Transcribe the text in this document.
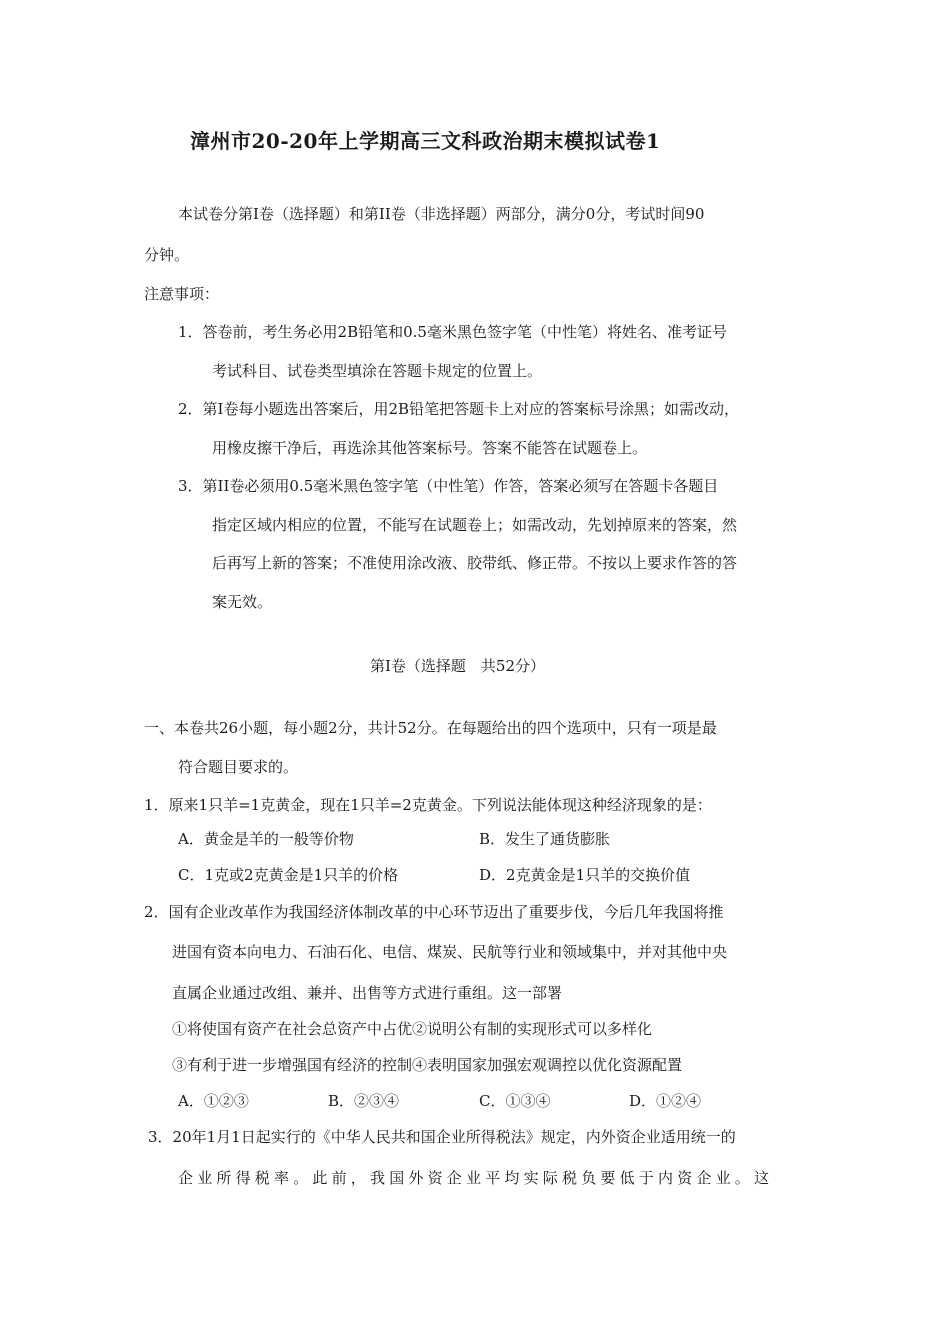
漳州市20-20年上学期高三文科政治期末模拟试卷1
本试卷分第Ⅰ卷（选择题）和第II卷（非选择题）两部分，满分0分，考试时间90
分钟。
注意事项：
1．答卷前，考生务必用2B铅笔和0.5毫米黑色签字笔（中性笔）将姓名、准考证号
考试科目、试卷类型填涂在答题卡规定的位置上。
2．第Ⅰ卷每小题选出答案后，用2B铅笔把答题卡上对应的答案标号涂黑；如需改动，
用橡皮擦干净后，再选涂其他答案标号。答案不能答在试题卷上。
3．第II卷必须用0.5毫米黑色签字笔（中性笔）作答，答案必须写在答题卡各题目
指定区域内相应的位置，不能写在试题卷上；如需改动，先划掉原来的答案，然
后再写上新的答案；不准使用涂改液、胶带纸、修正带。不按以上要求作答的答
案无效。
第Ⅰ卷（选择题　共52分）
一、本卷共26小题，每小题2分，共计52分。在每题给出的四个选项中，只有一项是最
符合题目要求的。
1．原来1只羊=1克黄金，现在1只羊=2克黄金。下列说法能体现这种经济现象的是：
A．黄金是羊的一般等价物	B．发生了通货膨胀
C．1克或2克黄金是1只羊的价格	D．2克黄金是1只羊的交换价值
2．国有企业改革作为我国经济体制改革的中心环节迈出了重要步伐，今后几年我国将推
进国有资本向电力、石油石化、电信、煤炭、民航等行业和领域集中，并对其他中央
直属企业通过改组、兼并、出售等方式进行重组。这一部署
①将使国有资产在社会总资产中占优②说明公有制的实现形式可以多样化
③有利于进一步增强国有经济的控制④表明国家加强宏观调控以优化资源配置
A．①②③	B．②③④	C．①③④	D．①②④
3．20年1月1日起实行的《中华人民共和国企业所得税法》规定，内外资企业适用统一的
企业所得税率。此前，我国外资企业平均实际税负要低于内资企业。这
